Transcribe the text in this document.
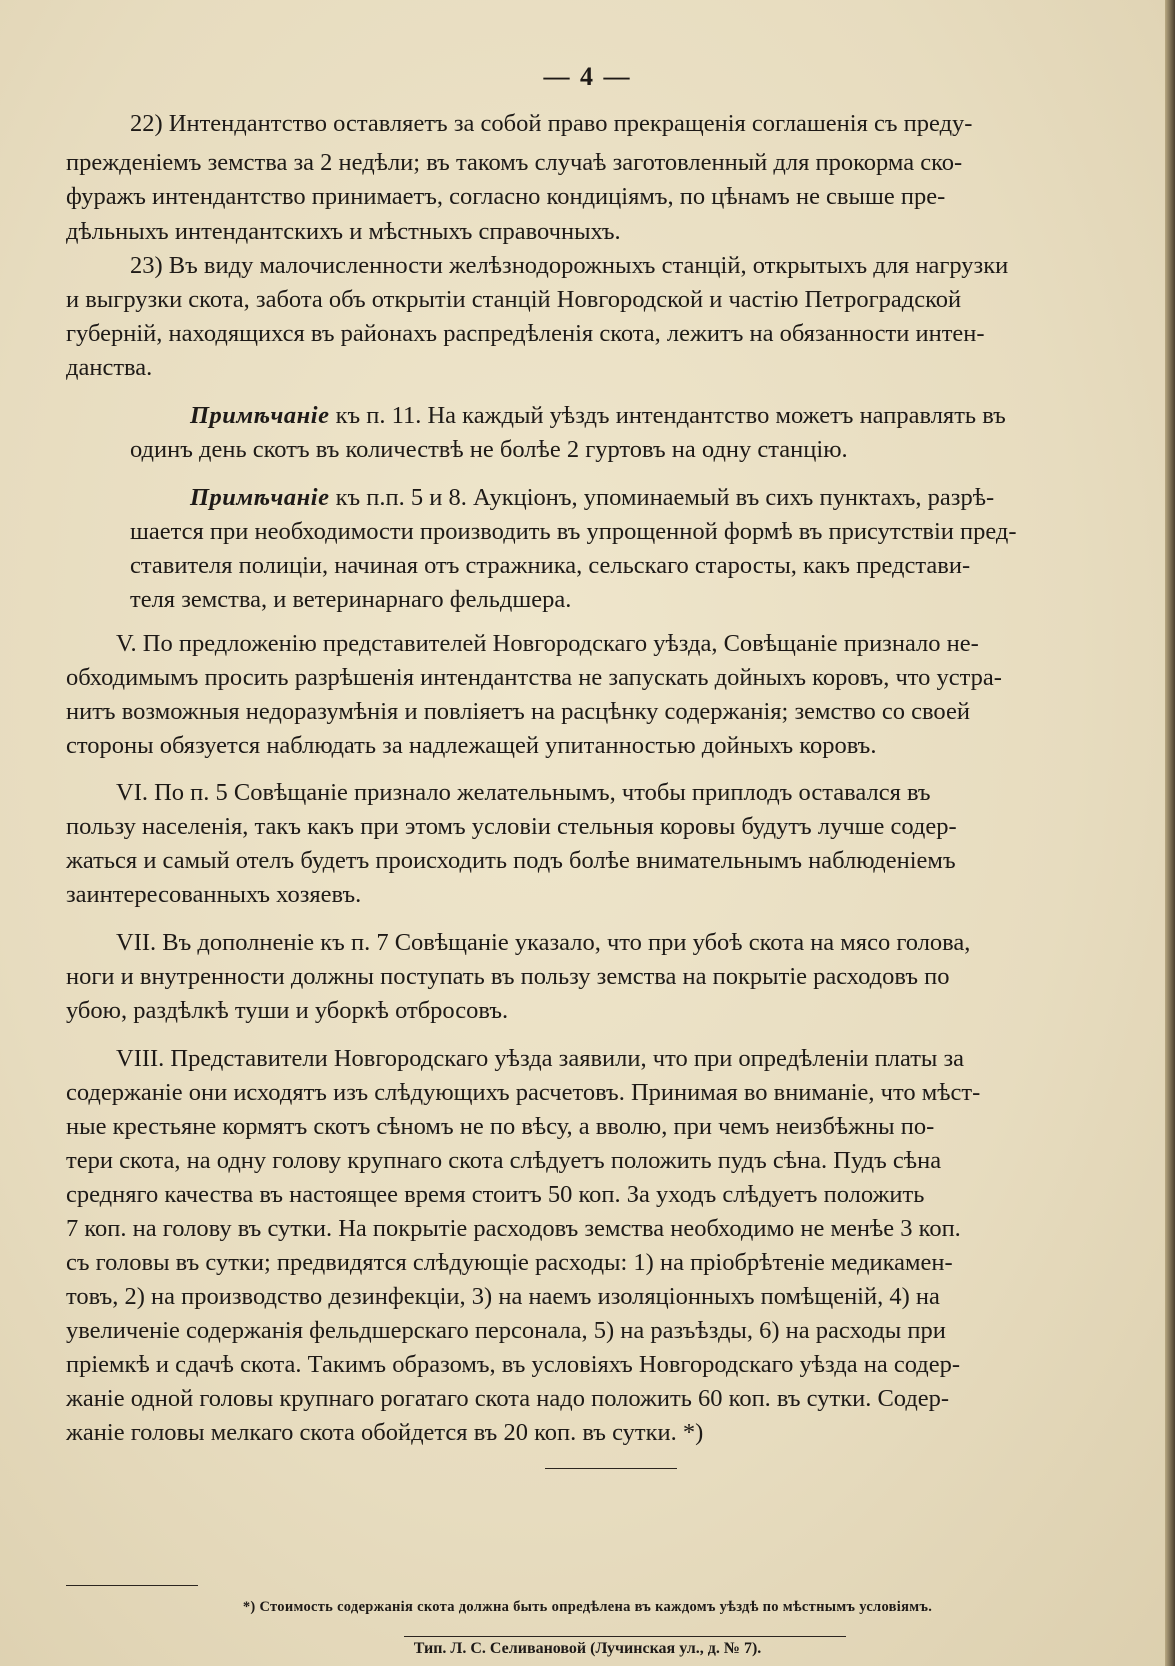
— 4 —
22) Интендантство оставляетъ за собой право прекращенія соглашенія съ преду-
прежденіемъ земства за 2 недѣли; въ такомъ случаѣ заготовленный для прокорма ско-
фуражъ интендантство принимаетъ, согласно кондиціямъ, по цѣнамъ не свыше пре-
дѣльныхъ интендантскихъ и мѣстныхъ справочныхъ.
23) Въ виду малочисленности желѣзнодорожныхъ станцій, открытыхъ для нагрузки
и выгрузки скота, забота объ открытіи станцій Новгородской и частію Петроградской
губерній, находящихся въ районахъ распредѣленія скота, лежитъ на обязанности интен-
данства.
Примѣчаніе къ п. 11. На каждый уѣздъ интендантство можетъ направлять въ
одинъ день скотъ въ количествѣ не болѣе 2 гуртовъ на одну станцію.
Примѣчаніе къ п.п. 5 и 8. Аукціонъ, упоминаемый въ сихъ пунктахъ, разрѣ-
шается при необходимости производить въ упрощенной формѣ въ присутствіи пред-
ставителя полиціи, начиная отъ стражника, сельскаго старосты, какъ представи-
теля земства, и ветеринарнаго фельдшера.
V. По предложенію представителей Новгородскаго уѣзда, Совѣщаніе признало не-
обходимымъ просить разрѣшенія интендантства не запускать дойныхъ коровъ, что устра-
нитъ возможныя недоразумѣнія и повліяетъ на расцѣнку содержанія; земство со своей
стороны обязуется наблюдать за надлежащей упитанностью дойныхъ коровъ.
VI. По п. 5 Совѣщаніе признало желательнымъ, чтобы приплодъ оставался въ
пользу населенія, такъ какъ при этомъ условіи стельныя коровы будутъ лучше содер-
жаться и самый отелъ будетъ происходить подъ болѣе внимательнымъ наблюденіемъ
заинтересованныхъ хозяевъ.
VII. Въ дополненіе къ п. 7 Совѣщаніе указало, что при убоѣ скота на мясо голова,
ноги и внутренности должны поступать въ пользу земства на покрытіе расходовъ по
убою, раздѣлкѣ туши и уборкѣ отбросовъ.
VIII. Представители Новгородскаго уѣзда заявили, что при опредѣленіи платы за
содержаніе они исходятъ изъ слѣдующихъ расчетовъ. Принимая во вниманіе, что мѣст-
ные крестьяне кормятъ скотъ сѣномъ не по вѣсу, а вволю, при чемъ неизбѣжны по-
тери скота, на одну голову крупнаго скота слѣдуетъ положить пудъ сѣна. Пудъ сѣна
средняго качества въ настоящее время стоитъ 50 коп. За уходъ слѣдуетъ положить
7 коп. на голову въ сутки. На покрытіе расходовъ земства необходимо не менѣе 3 коп.
съ головы въ сутки; предвидятся слѣдующіе расходы: 1) на пріобрѣтеніе медикамен-
товъ, 2) на производство дезинфекціи, 3) на наемъ изоляціонныхъ помѣщеній, 4) на
увеличеніе содержанія фельдшерскаго персонала, 5) на разъѣзды, 6) на расходы при
пріемкѣ и сдачѣ скота. Такимъ образомъ, въ условіяхъ Новгородскаго уѣзда на содер-
жаніе одной головы крупнаго рогатаго скота надо положить 60 коп. въ сутки. Содер-
жаніе головы мелкаго скота обойдется въ 20 коп. въ сутки. *)
*) Стоимость содержанія скота должна быть опредѣлена въ каждомъ уѣздѣ по мѣстнымъ условіямъ.
Тип. Л. С. Селивановой (Лучинская ул., д. № 7).
